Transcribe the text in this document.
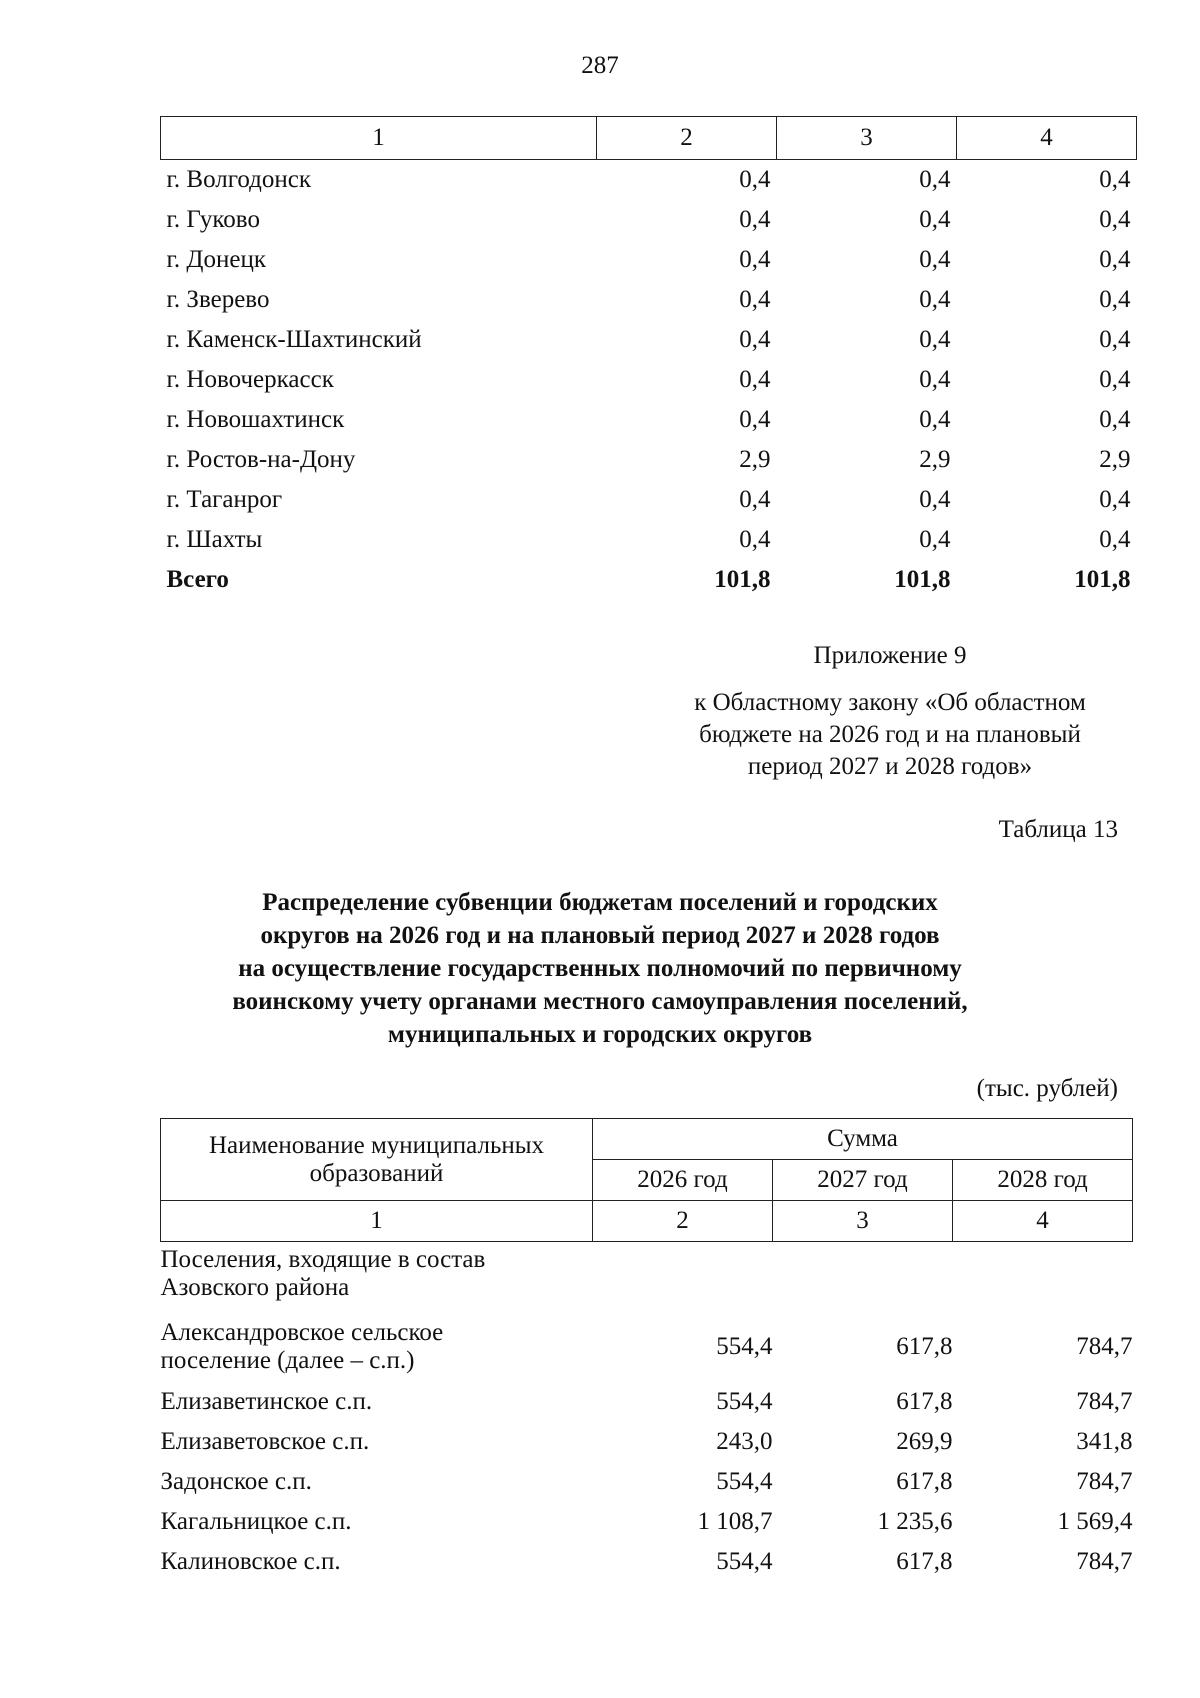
287
1	2	3	4
г. Волгодонск	0,4	0,4	0,4
г. Гуково	0,4	0,4	0,4
г. Донецк	0,4	0,4	0,4
г. Зверево	0,4	0,4	0,4
г. Каменск-Шахтинский	0,4	0,4	0,4
г. Новочеркасск	0,4	0,4	0,4
г. Новошахтинск	0,4	0,4	0,4
г. Ростов-на-Дону	2,9	2,9	2,9
г. Таганрог	0,4	0,4	0,4
г. Шахты	0,4	0,4	0,4
Всего	101,8	101,8	101,8
Приложение 9
к Областному закону «Об областном
бюджете на 2026 год и на плановый
период 2027 и 2028 годов»
Таблица 13
Распределение субвенции бюджетам поселений и городских
округов на 2026 год и на плановый период 2027 и 2028 годов
на осуществление государственных полномочий по первичному
воинскому учету органами местного самоуправления поселений,
муниципальных и городских округов
(тыс. рублей)
Наименование муниципальных
образований	Сумма		
	2026 год	2027 год	2028 год
1	2	3	4

Поселения, входящие в состав
Азовского района			

Александровское сельское
поселение (далее – с.п.)	554,4	617,8	784,7
Елизаветинское с.п.	554,4	617,8	784,7
Елизаветовское с.п.	243,0	269,9	341,8
Задонское с.п.	554,4	617,8	784,7
Кагальницкое с.п.	1 108,7	1 235,6	1 569,4
Калиновское с.п.	554,4	617,8	784,7
